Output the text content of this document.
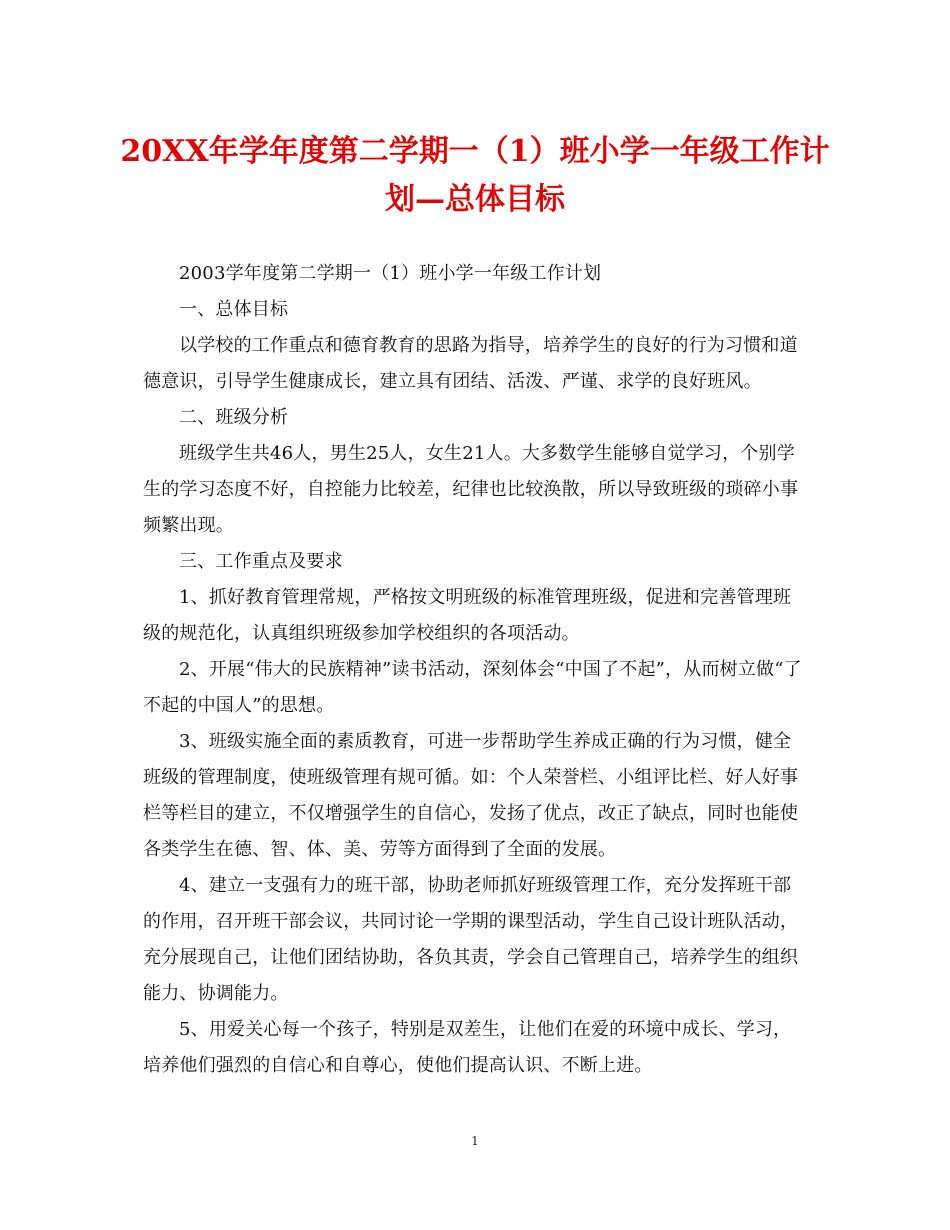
20XX年学年度第二学期一（1）班小学一年级工作计划—总体目标

2003学年度第二学期一（1）班小学一年级工作计划

一、总体目标

以学校的工作重点和德育教育的思路为指导，培养学生的良好的行为习惯和道德意识，引导学生健康成长，建立具有团结、活泼、严谨、求学的良好班风。

二、班级分析

班级学生共46人，男生25人，女生21人。大多数学生能够自觉学习，个别学生的学习态度不好，自控能力比较差，纪律也比较涣散，所以导致班级的琐碎小事频繁出现。

三、工作重点及要求

1、抓好教育管理常规，严格按文明班级的标准管理班级，促进和完善管理班级的规范化，认真组织班级参加学校组织的各项活动。

2、开展“伟大的民族精神”读书活动，深刻体会“中国了不起”，从而树立做“了不起的中国人”的思想。

3、班级实施全面的素质教育，可进一步帮助学生养成正确的行为习惯，健全班级的管理制度，使班级管理有规可循。如：个人荣誉栏、小组评比栏、好人好事栏等栏目的建立，不仅增强学生的自信心，发扬了优点，改正了缺点，同时也能使各类学生在德、智、体、美、劳等方面得到了全面的发展。

4、建立一支强有力的班干部，协助老师抓好班级管理工作，充分发挥班干部的作用，召开班干部会议，共同讨论一学期的课型活动，学生自己设计班队活动，充分展现自己，让他们团结协助，各负其责，学会自己管理自己，培养学生的组织能力、协调能力。

5、用爱关心每一个孩子，特别是双差生，让他们在爱的环境中成长、学习，培养他们强烈的自信心和自尊心，使他们提高认识、不断上进。

1
